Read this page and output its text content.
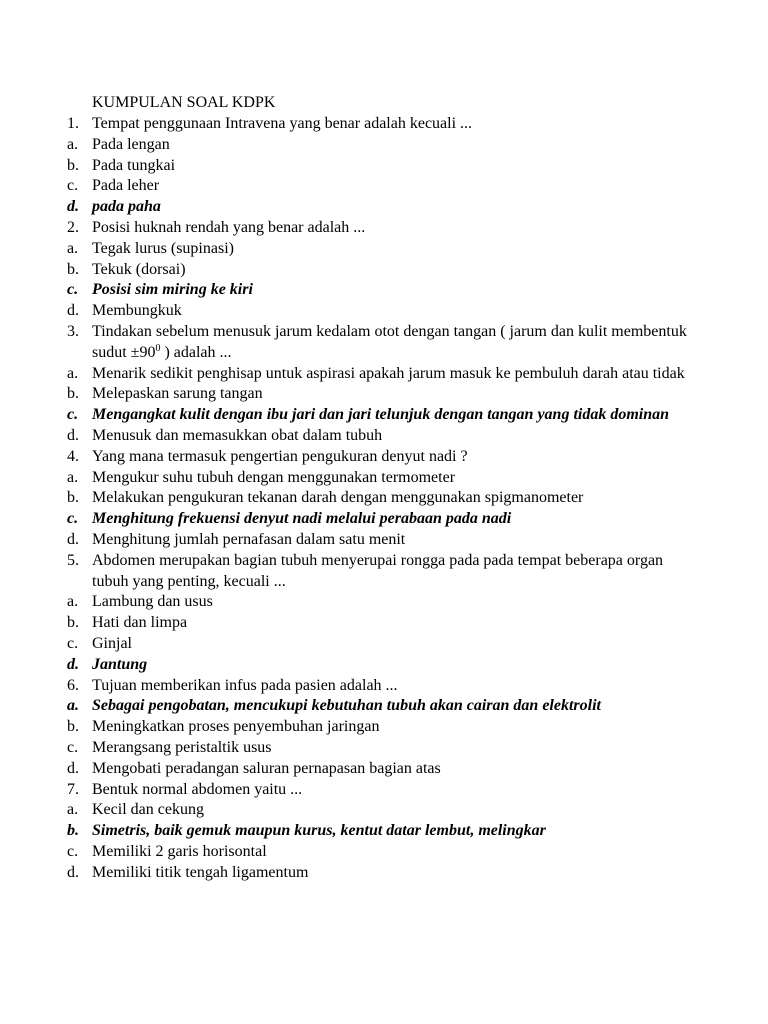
KUMPULAN SOAL KDPK
1. Tempat penggunaan Intravena yang benar adalah kecuali ...
a. Pada lengan
b. Pada tungkai
c. Pada leher
d. pada paha
2. Posisi huknah rendah yang benar adalah ...
a. Tegak lurus (supinasi)
b. Tekuk (dorsai)
c. Posisi sim miring ke kiri
d. Membungkuk
3. Tindakan sebelum menusuk jarum kedalam otot dengan tangan ( jarum dan kulit membentuk sudut $\pm 90^0$ ) adalah ...
a. Menarik sedikit penghisap untuk aspirasi apakah jarum masuk ke pembuluh darah atau tidak
b. Melepaskan sarung tangan
c. Mengangkat kulit dengan ibu jari dan jari telunjuk dengan tangan yang tidak dominan
d. Menusuk dan memasukkan obat dalam tubuh
4. Yang mana termasuk pengertian pengukuran denyut nadi ?
a. Mengukur suhu tubuh dengan menggunakan termometer
b. Melakukan pengukuran tekanan darah dengan menggunakan spigmanometer
c. Menghitung frekuensi denyut nadi melalui perabaan pada nadi
d. Menghitung jumlah pernafasan dalam satu menit
5. Abdomen merupakan bagian tubuh menyerupai rongga pada pada tempat beberapa organ tubuh yang penting, kecuali ...
a. Lambung dan usus
b. Hati dan limpa
c. Ginjal
d. Jantung
6. Tujuan memberikan infus pada pasien adalah ...
a. Sebagai pengobatan, mencukupi kebutuhan tubuh akan cairan dan elektrolit
b. Meningkatkan proses penyembuhan jaringan
c. Merangsang peristaltik usus
d. Mengobati peradangan saluran pernapasan bagian atas
7. Bentuk normal abdomen yaitu ...
a. Kecil dan cekung
b. Simetris, baik gemuk maupun kurus, kentut datar lembut, melingkar
c. Memiliki 2 garis horisontal
d. Memiliki titik tengah ligamentum
